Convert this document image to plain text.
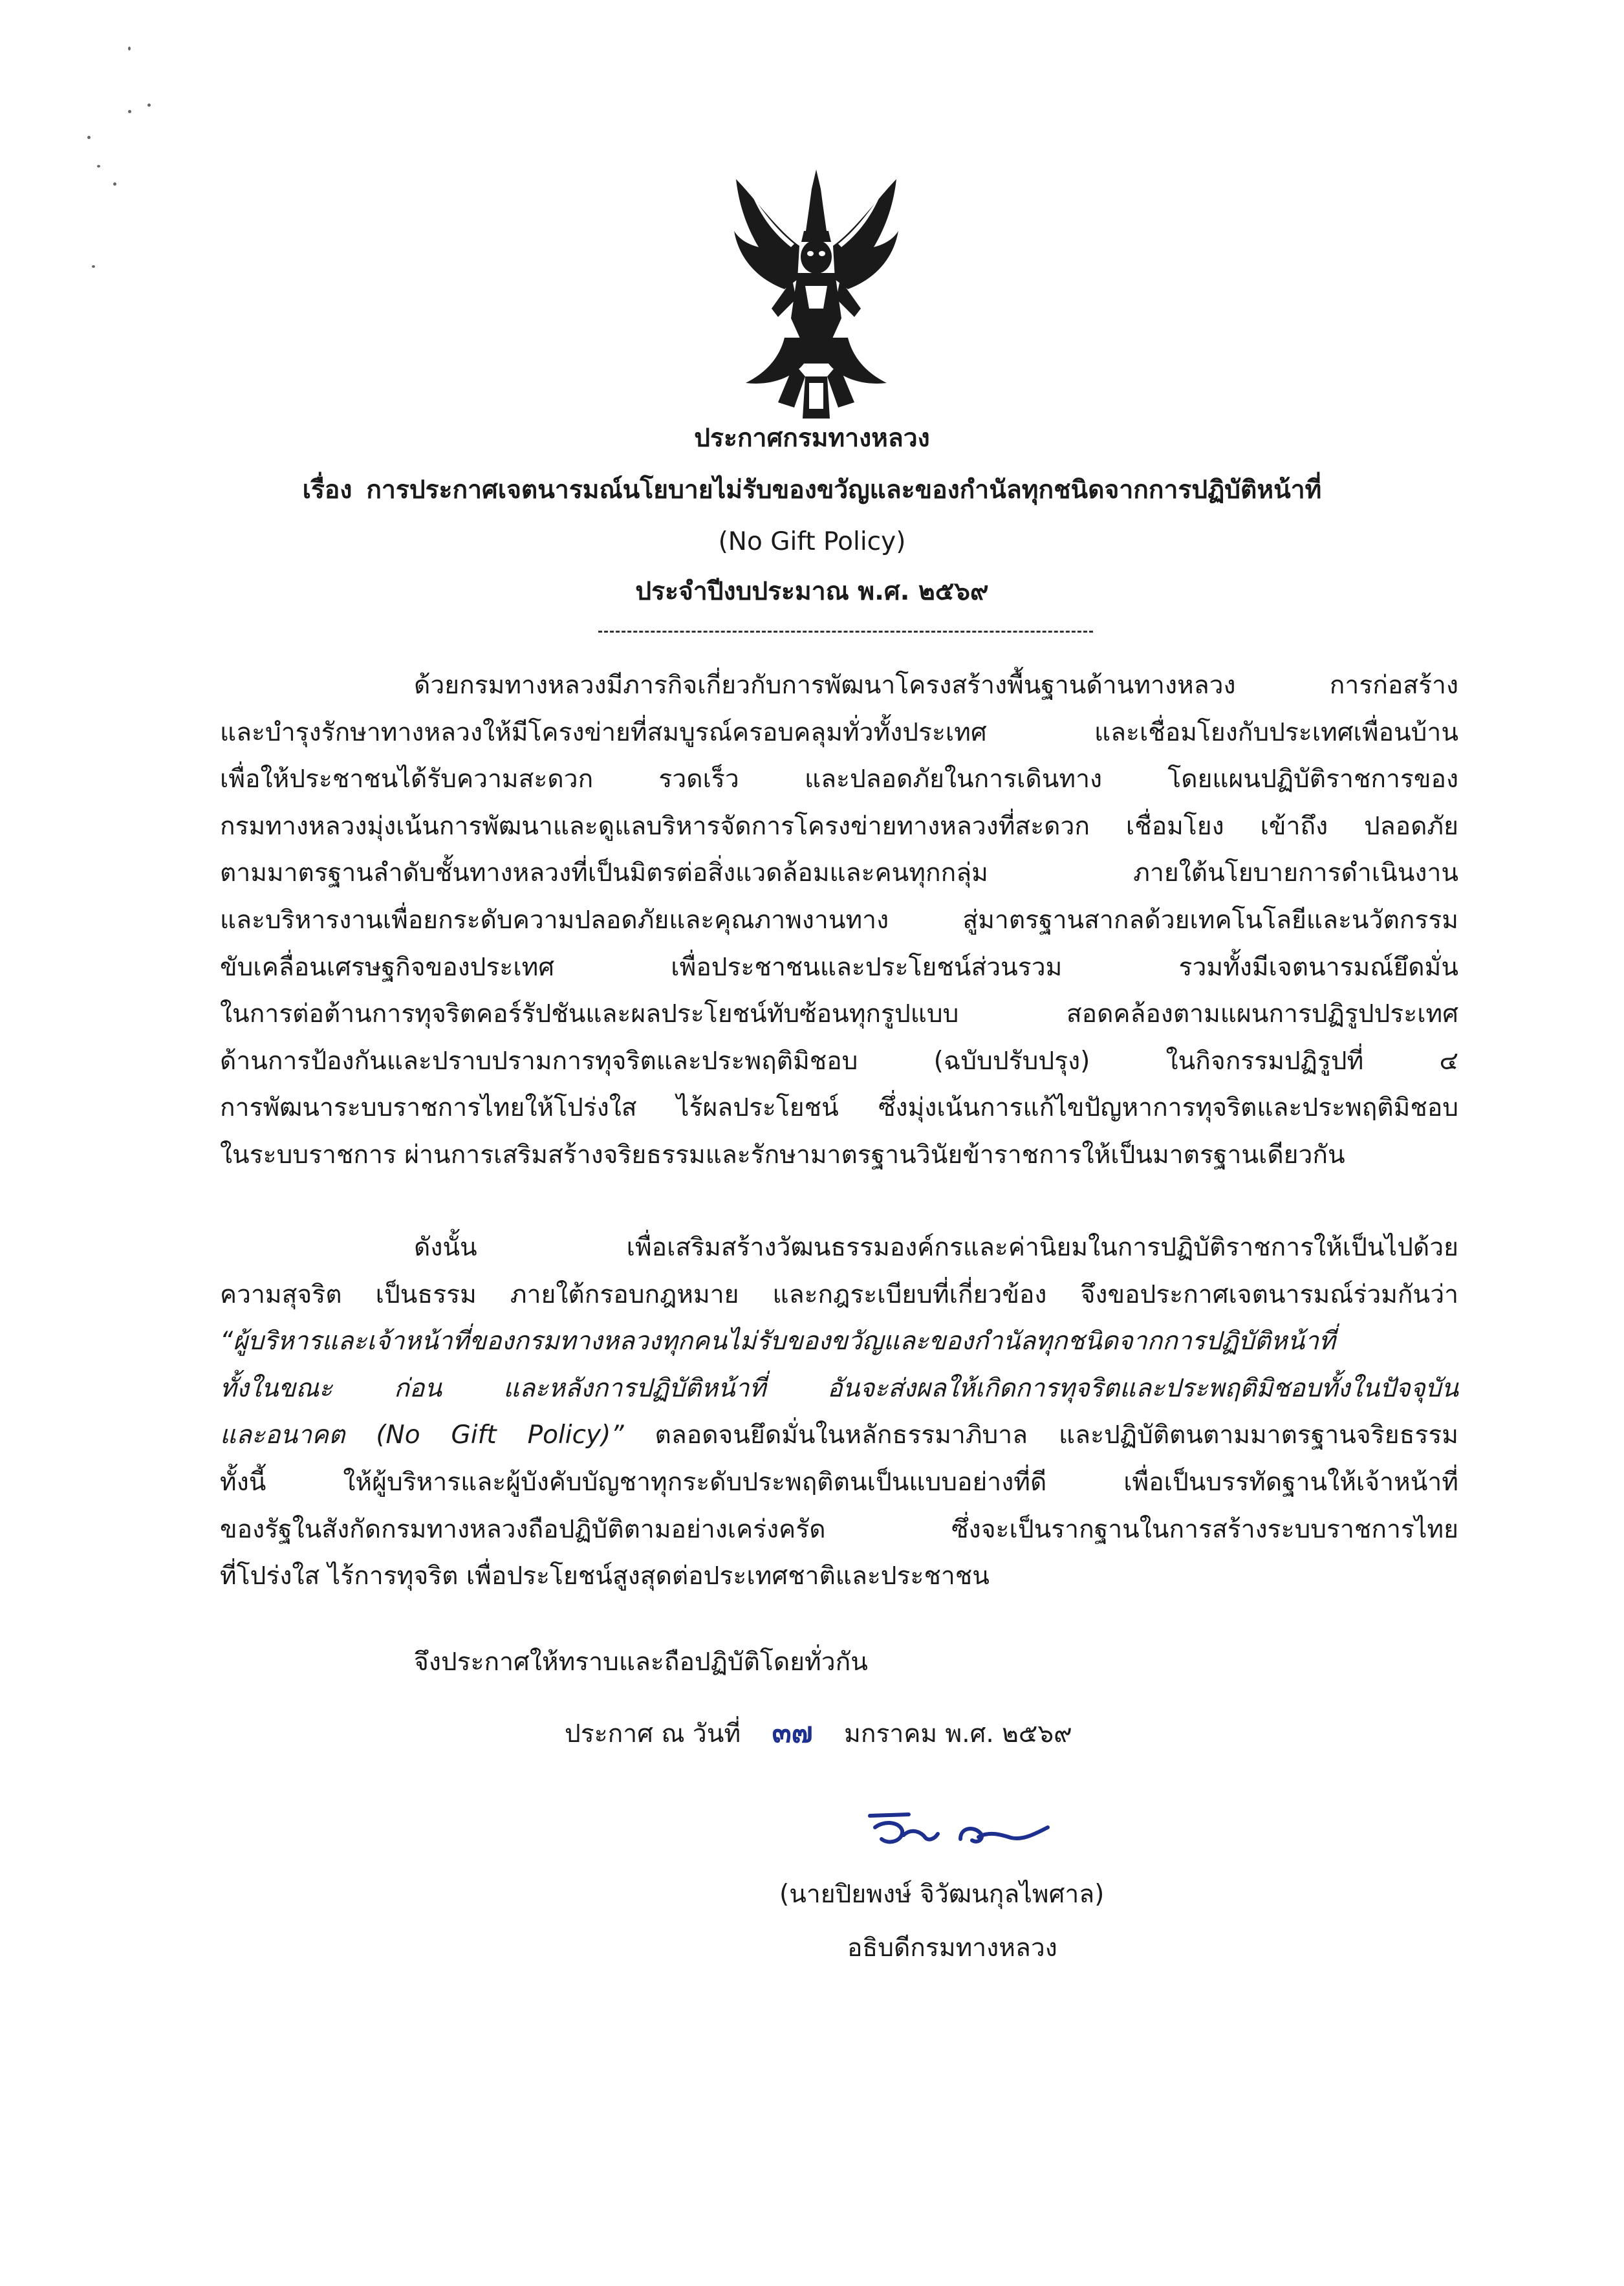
ประกาศกรมทางหลวง
เรื่อง การประกาศเจตนารมณ์นโยบายไม่รับของขวัญและของกำนัลทุกชนิดจากการปฏิบัติหน้าที่
(No Gift Policy)
ประจำปีงบประมาณ พ.ศ. ๒๕๖๙
ด้วยกรมทางหลวงมีภารกิจเกี่ยวกับการพัฒนาโครงสร้างพื้นฐานด้านทางหลวง การก่อสร้าง
และบำรุงรักษาทางหลวงให้มีโครงข่ายที่สมบูรณ์ครอบคลุมทั่วทั้งประเทศ และเชื่อมโยงกับประเทศเพื่อนบ้าน
เพื่อให้ประชาชนได้รับความสะดวก รวดเร็ว และปลอดภัยในการเดินทาง โดยแผนปฏิบัติราชการของ
กรมทางหลวงมุ่งเน้นการพัฒนาและดูแลบริหารจัดการโครงข่ายทางหลวงที่สะดวก เชื่อมโยง เข้าถึง ปลอดภัย
ตามมาตรฐานลำดับชั้นทางหลวงที่เป็นมิตรต่อสิ่งแวดล้อมและคนทุกกลุ่ม ภายใต้นโยบายการดำเนินงาน
และบริหารงานเพื่อยกระดับความปลอดภัยและคุณภาพงานทาง สู่มาตรฐานสากลด้วยเทคโนโลยีและนวัตกรรม
ขับเคลื่อนเศรษฐกิจของประเทศ เพื่อประชาชนและประโยชน์ส่วนรวม รวมทั้งมีเจตนารมณ์ยึดมั่น
ในการต่อต้านการทุจริตคอร์รัปชันและผลประโยชน์ทับซ้อนทุกรูปแบบ สอดคล้องตามแผนการปฏิรูปประเทศ
ด้านการป้องกันและปราบปรามการทุจริตและประพฤติมิชอบ (ฉบับปรับปรุง) ในกิจกรรมปฏิรูปที่ ๔
การพัฒนาระบบราชการไทยให้โปร่งใส ไร้ผลประโยชน์ ซึ่งมุ่งเน้นการแก้ไขปัญหาการทุจริตและประพฤติมิชอบ
ในระบบราชการ ผ่านการเสริมสร้างจริยธรรมและรักษามาตรฐานวินัยข้าราชการให้เป็นมาตรฐานเดียวกัน
ดังนั้น เพื่อเสริมสร้างวัฒนธรรมองค์กรและค่านิยมในการปฏิบัติราชการให้เป็นไปด้วย
ความสุจริต เป็นธรรม ภายใต้กรอบกฎหมาย และกฎระเบียบที่เกี่ยวข้อง จึงขอประกาศเจตนารมณ์ร่วมกันว่า
“ผู้บริหารและเจ้าหน้าที่ของกรมทางหลวงทุกคนไม่รับของขวัญและของกำนัลทุกชนิดจากการปฏิบัติหน้าที่
ทั้งในขณะ ก่อน และหลังการปฏิบัติหน้าที่ อันจะส่งผลให้เกิดการทุจริตและประพฤติมิชอบทั้งในปัจจุบัน
และอนาคต (No Gift Policy)” ตลอดจนยึดมั่นในหลักธรรมาภิบาล และปฏิบัติตนตามมาตรฐานจริยธรรม
ทั้งนี้ ให้ผู้บริหารและผู้บังคับบัญชาทุกระดับประพฤติตนเป็นแบบอย่างที่ดี เพื่อเป็นบรรทัดฐานให้เจ้าหน้าที่
ของรัฐในสังกัดกรมทางหลวงถือปฏิบัติตามอย่างเคร่งครัด ซึ่งจะเป็นรากฐานในการสร้างระบบราชการไทย
ที่โปร่งใส ไร้การทุจริต เพื่อประโยชน์สูงสุดต่อประเทศชาติและประชาชน
จึงประกาศให้ทราบและถือปฏิบัติโดยทั่วกัน
ประกาศ ณ วันที่ ๓๗ มกราคม พ.ศ. ๒๕๖๙
(นายปิยพงษ์ จิวัฒนกุลไพศาล)
อธิบดีกรมทางหลวง
